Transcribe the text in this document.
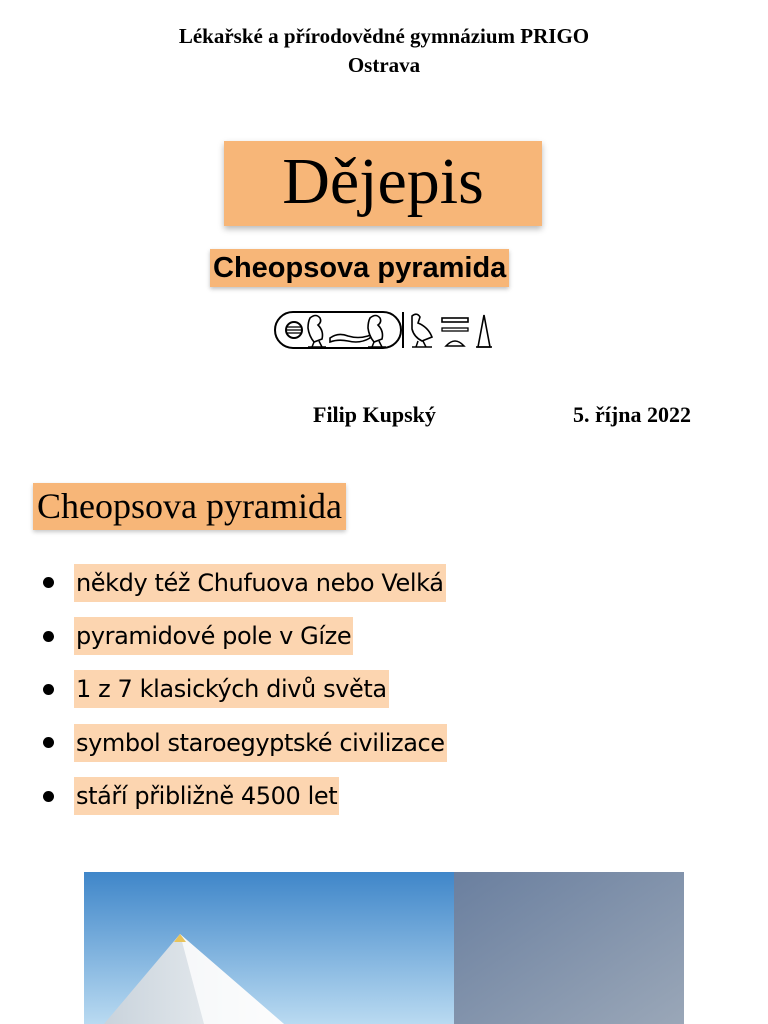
Lékařské a přírodovědné gymnázium PRIGO
Ostrava
Dějepis
Cheopsova pyramida
Filip Kupský	5. října 2022
Cheopsova pyramida
někdy též Chufuova nebo Velká
pyramidové pole v Gíze
1 z 7 klasických divů světa
symbol staroegyptské civilizace
stáří přibližně 4500 let
